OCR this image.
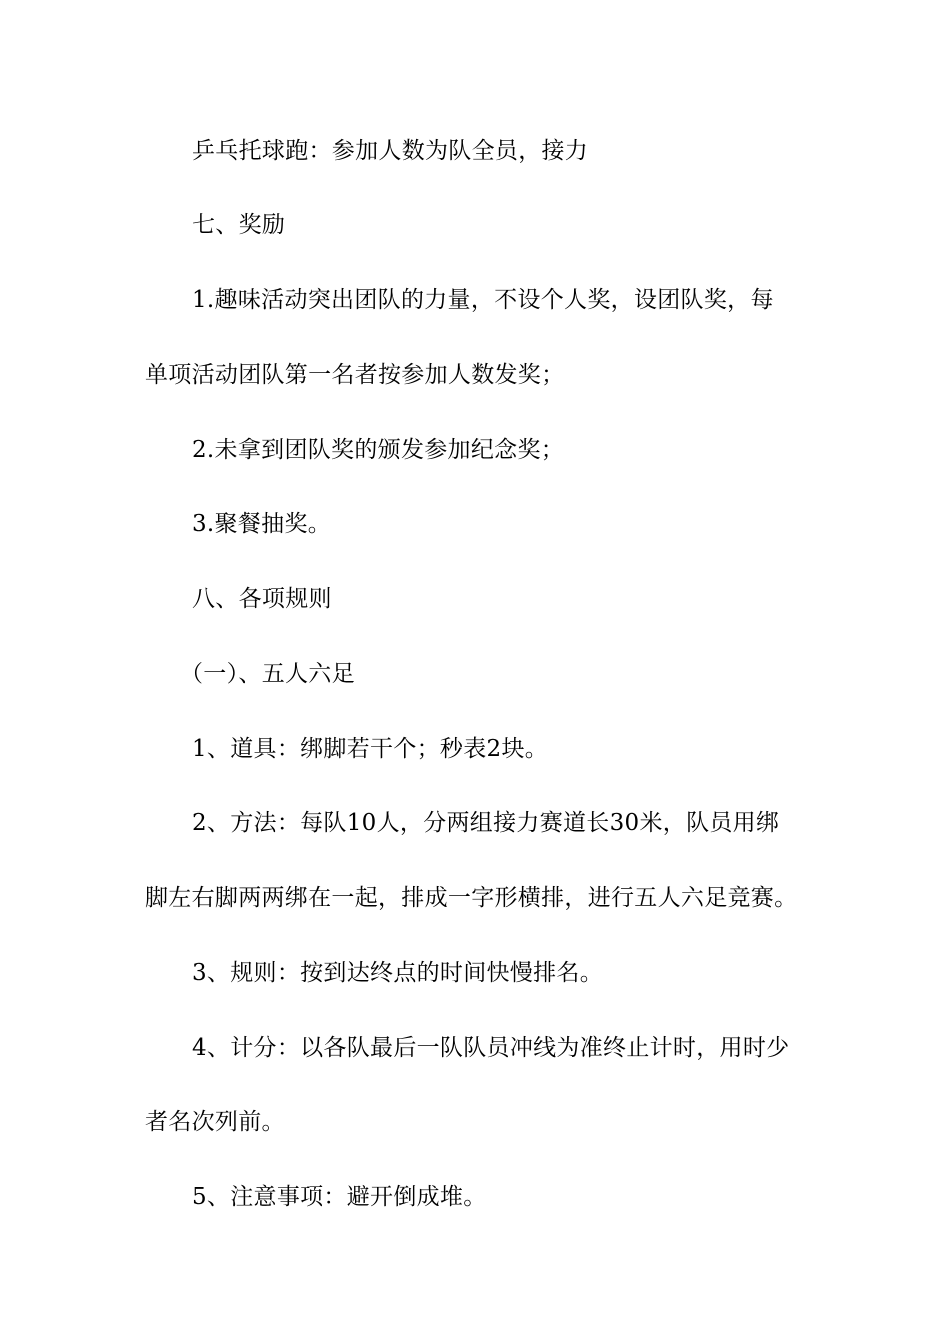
乒乓托球跑：参加人数为队全员，接力
七、奖励
1.趣味活动突出团队的力量，不设个人奖，设团队奖，每
单项活动团队第一名者按参加人数发奖；
2.未拿到团队奖的颁发参加纪念奖；
3.聚餐抽奖。
八、各项规则
（一）、五人六足
1、道具：绑脚若干个；秒表2块。
2、方法：每队10人，分两组接力赛道长30米，队员用绑
脚左右脚两两绑在一起，排成一字形横排，进行五人六足竞赛。
3、规则：按到达终点的时间快慢排名。
4、计分：以各队最后一队队员冲线为准终止计时，用时少
者名次列前。
5、注意事项：避开倒成堆。
